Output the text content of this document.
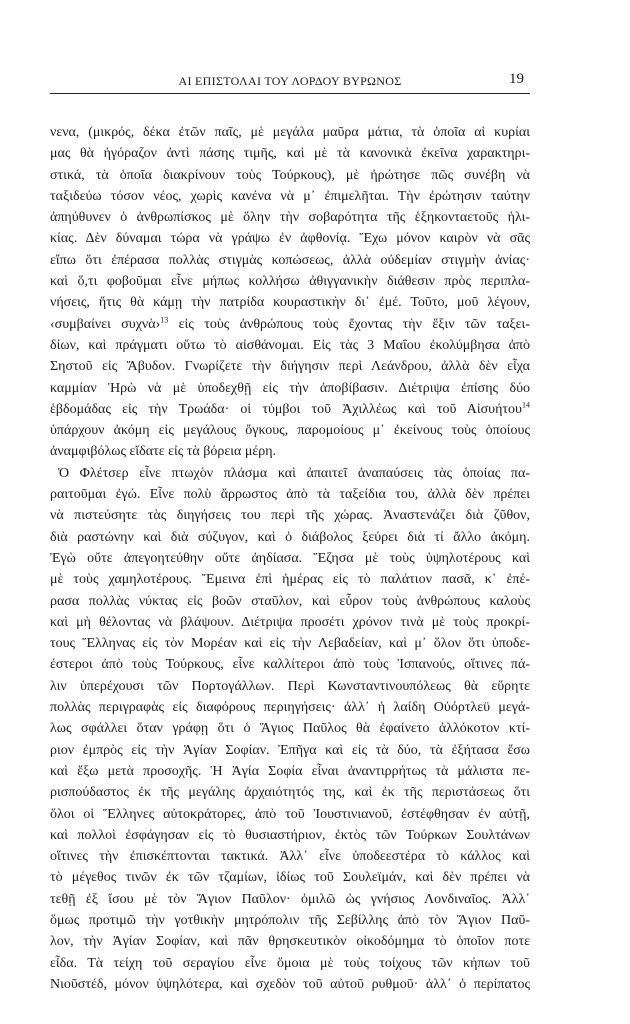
ΑΙ ΕΠΙΣΤΟΛΑΙ ΤΟΥ ΛΟΡΔΟΥ ΒΥΡΩΝΟΣ	19
νενα, (μικρός, δέκα ἐτῶν παῖς, μὲ μεγάλα μαῦρα μάτια, τὰ ὁποῖα αἱ κυρίαι
μας θὰ ἠγόραζον ἀντὶ πάσης τιμῆς, καὶ μὲ τὰ κανονικὰ ἐκεῖνα χαρακτηρι-
στικά, τὰ ὁποῖα διακρίνουν τοὺς Τούρκους), μὲ ἠρώτησε πῶς συνέβη νὰ
ταξιδεύω τόσον νέος, χωρὶς κανένα νὰ μ᾽ ἐπιμελῆται. Τὴν ἐρώτησιν ταύτην
ἀπηύθυνεν ὁ ἀνθρωπίσκος μὲ ὅλην τὴν σοβαρότητα τῆς ἑξηκονταετοῦς ἡλι-
κίας. Δὲν δύναμαι τώρα νὰ γράψω ἐν ἀφθονίᾳ. Ἔχω μόνον καιρὸν νὰ σᾶς
εἴπω ὅτι ἐπέρασα πολλὰς στιγμὰς κοπώσεως, ἀλλὰ οὐδεμίαν στιγμὴν ἀνίας·
καὶ ὅ,τι φοβοῦμαι εἶνε μήπως κολλήσω ἀθιγγανικὴν διάθεσιν πρὸς περιπλα-
νήσεις, ἥτις θὰ κάμῃ τὴν πατρίδα κουραστικὴν δι᾽ ἐμέ. Τοῦτο, μοῦ λέγουν,
‹συμβαίνει συχνὰ›$^{13}$ εἰς τοὺς ἀνθρώπους τοὺς ἔχοντας τὴν ἕξιν τῶν ταξει-
δίων, καὶ πράγματι οὕτω τὸ αἰσθάνομαι. Εἰς τὰς 3 Μαΐου ἐκολύμβησα ἀπὸ
Σηστοῦ εἰς Ἄβυδον. Γνωρίζετε τὴν διήγησιν περὶ Λεάνδρου, ἀλλὰ δὲν εἶχα
καμμίαν Ἡρὼ νὰ μὲ ὑποδεχθῇ εἰς τὴν ἀποβίβασιν. Διέτριψα ἐπίσης δύο
ἑβδομάδας εἰς τὴν Τρωάδα· οἱ τύμβοι τοῦ Ἀχιλλέως καὶ τοῦ Αἰσυήτου$^{14}$
ὑπάρχουν ἀκόμη εἰς μεγάλους ὄγκους, παρομοίους μ᾽ ἐκείνους τοὺς ὁποίους
ἀναμφιβόλως εἴδατε εἰς τὰ βόρεια μέρη.
Ὁ Φλέτσερ εἶνε πτωχὸν πλάσμα καὶ ἀπαιτεῖ ἀναπαύσεις τὰς ὁποίας πα-
ραιτοῦμαι ἐγώ. Εἶνε πολὺ ἄρρωστος ἀπὸ τὰ ταξείδια του, ἀλλὰ δὲν πρέπει
νὰ πιστεύσητε τὰς διηγήσεις του περὶ τῆς χώρας. Ἀναστενάζει διὰ ζῦθον,
διὰ ραστώνην καὶ διὰ σύζυγον, καὶ ὁ διάβολος ξεύρει διὰ τί ἄλλο ἀκόμη.
Ἐγὼ οὔτε ἀπεγοητεύθην οὔτε ἀηδίασα. Ἔζησα μὲ τοὺς ὑψηλοτέρους καὶ
μὲ τοὺς χαμηλοτέρους. Ἔμεινα ἐπὶ ἡμέρας εἰς τὸ παλάτιον πασᾶ, κ᾽ ἐπέ-
ρασα πολλὰς νύκτας εἰς βοῶν σταῦλον, καὶ εὗρον τοὺς ἀνθρώπους καλοὺς
καὶ μὴ θέλοντας νὰ βλάψουν. Διέτριψα προσέτι χρόνον τινὰ μὲ τοὺς προκρί-
τους Ἕλληνας εἰς τὸν Μορέαν καὶ εἰς τὴν Λεβαδείαν, καὶ μ᾽ ὅλον ὅτι ὑποδε-
έστεροι ἀπὸ τοὺς Τούρκους, εἶνε καλλίτεροι ἀπὸ τοὺς Ἰσπανούς, οἵτινες πά-
λιν ὑπερέχουσι τῶν Πορτογάλλων. Περὶ Κωνσταντινουπόλεως θὰ εὕρητε
πολλὰς περιγραφὰς εἰς διαφόρους περιηγήσεις· ἀλλ᾽ ἡ λαίδη Οὐόρτλεϋ μεγά-
λως σφάλλει ὅταν γράφῃ ὅτι ὁ Ἅγιος Παῦλος θὰ ἐφαίνετο ἀλλόκοτον κτί-
ριον ἐμπρὸς εἰς τὴν Ἁγίαν Σοφίαν. Ἐπῆγα καὶ εἰς τὰ δύο, τὰ ἐξήτασα ἔσω
καὶ ἔξω μετὰ προσοχῆς. Ἡ Ἁγία Σοφία εἶναι ἀναντιρρήτως τὰ μάλιστα πε-
ρισπούδαστος ἐκ τῆς μεγάλης ἀρχαιότητός της, καὶ ἐκ τῆς περιστάσεως ὅτι
ὅλοι οἱ Ἕλληνες αὐτοκράτορες, ἀπὸ τοῦ Ἰουστινιανοῦ, ἐστέφθησαν ἐν αὐτῇ,
καὶ πολλοὶ ἐσφάγησαν εἰς τὸ θυσιαστήριον, ἐκτὸς τῶν Τούρκων Σουλτάνων
οἵτινες τὴν ἐπισκέπτονται τακτικά. Ἀλλ᾽ εἶνε ὑποδεεστέρα τὸ κάλλος καὶ
τὸ μέγεθος τινῶν ἐκ τῶν τζαμίων, ἰδίως τοῦ Σουλεϊμάν, καὶ δὲν πρέπει νὰ
τεθῇ ἐξ ἴσου μὲ τὸν Ἅγιον Παῦλον· ὁμιλῶ ὡς γνήσιος Λονδιναῖος. Ἀλλ᾽
ὅμως προτιμῶ τὴν γοτθικὴν μητρόπολιν τῆς Σεβίλλης ἀπὸ τὸν Ἅγιον Παῦ-
λον, τὴν Ἁγίαν Σοφίαν, καὶ πᾶν θρησκευτικὸν οἰκοδόμημα τὸ ὁποῖον ποτε
εἶδα. Τὰ τείχη τοῦ σεραγίου εἶνε ὅμοια μὲ τοὺς τοίχους τῶν κήπων τοῦ
Νιοῦστέδ, μόνον ὑψηλότερα, καὶ σχεδὸν τοῦ αὐτοῦ ρυθμοῦ· ἀλλ᾽ ὁ περίπατος
